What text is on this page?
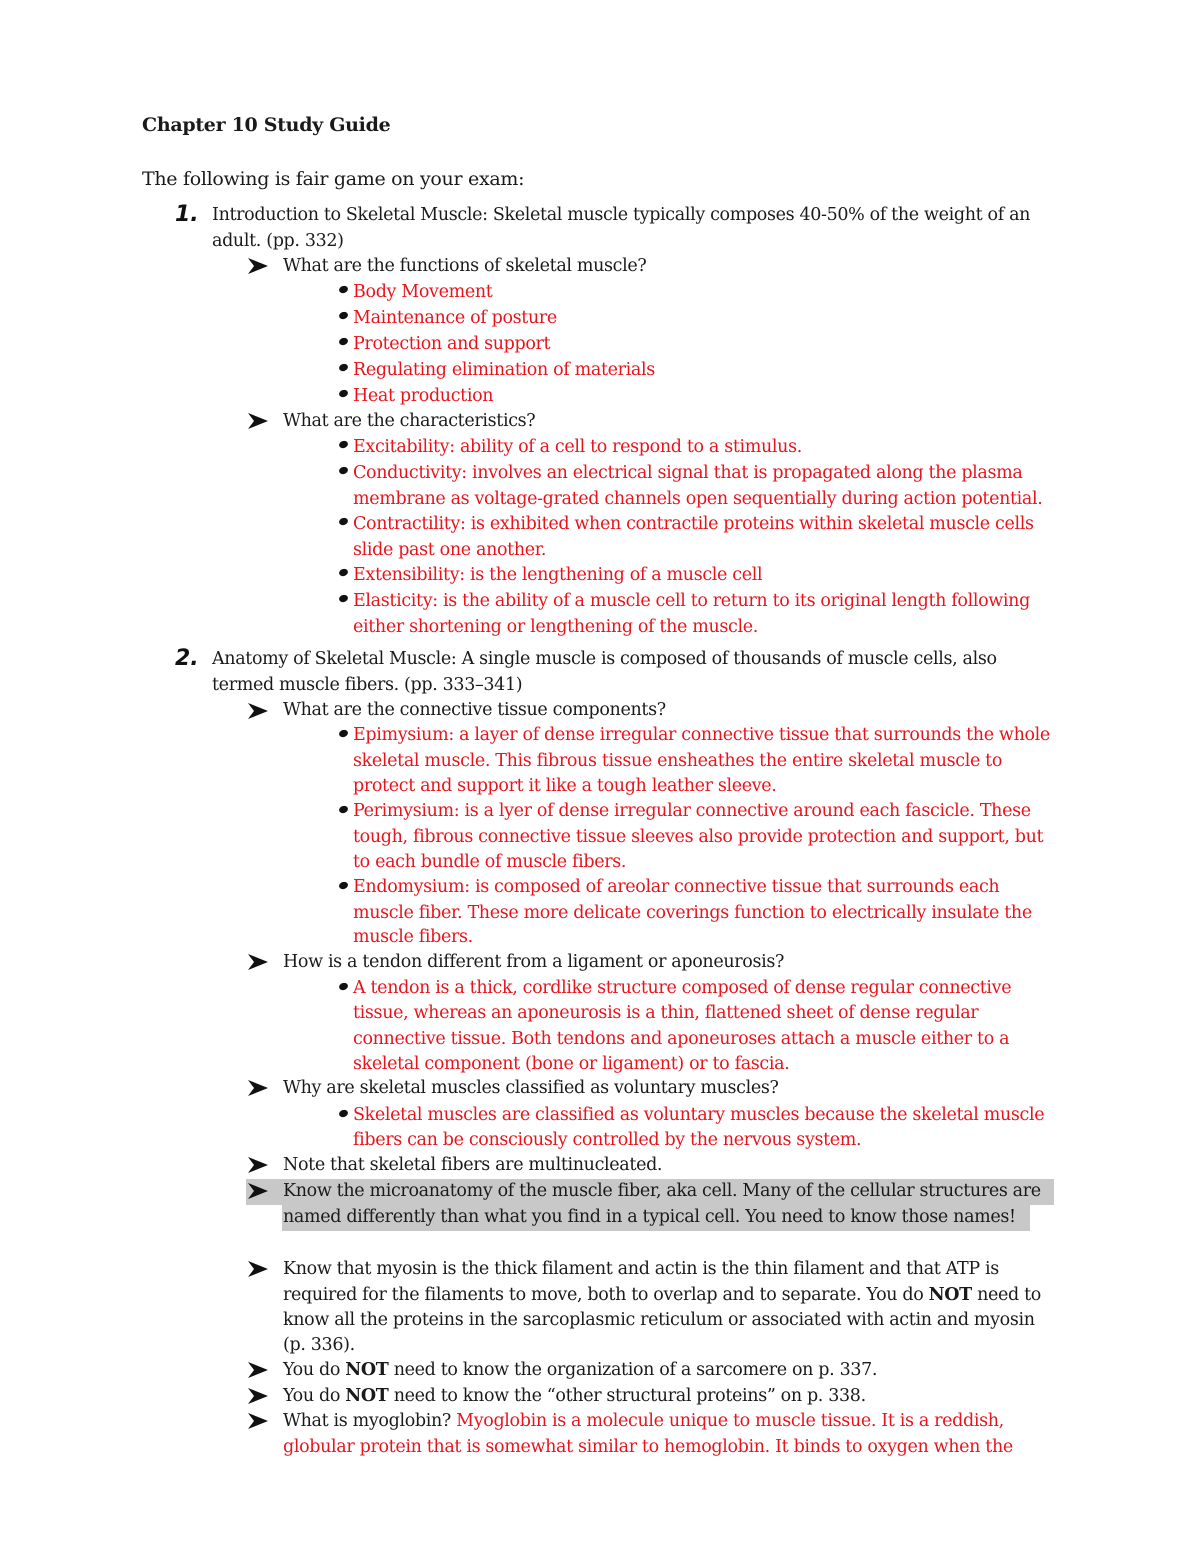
Chapter 10 Study Guide
The following is fair game on your exam:
1. Introduction to Skeletal Muscle: Skeletal muscle typically composes 40-50% of the weight of an
adult. (pp. 332)
What are the functions of skeletal muscle?
Body Movement
Maintenance of posture
Protection and support
Regulating elimination of materials
Heat production
What are the characteristics?
Excitability: ability of a cell to respond to a stimulus.
Conductivity: involves an electrical signal that is propagated along the plasma
membrane as voltage-grated channels open sequentially during action potential.
Contractility: is exhibited when contractile proteins within skeletal muscle cells
slide past one another.
Extensibility: is the lengthening of a muscle cell
Elasticity: is the ability of a muscle cell to return to its original length following
either shortening or lengthening of the muscle.
2. Anatomy of Skeletal Muscle: A single muscle is composed of thousands of muscle cells, also
termed muscle fibers. (pp. 333–341)
What are the connective tissue components?
Epimysium: a layer of dense irregular connective tissue that surrounds the whole
skeletal muscle. This fibrous tissue ensheathes the entire skeletal muscle to
protect and support it like a tough leather sleeve.
Perimysium: is a lyer of dense irregular connective around each fascicle. These
tough, fibrous connective tissue sleeves also provide protection and support, but
to each bundle of muscle fibers.
Endomysium: is composed of areolar connective tissue that surrounds each
muscle fiber. These more delicate coverings function to electrically insulate the
muscle fibers.
How is a tendon different from a ligament or aponeurosis?
A tendon is a thick, cordlike structure composed of dense regular connective
tissue, whereas an aponeurosis is a thin, flattened sheet of dense regular
connective tissue. Both tendons and aponeuroses attach a muscle either to a
skeletal component (bone or ligament) or to fascia.
Why are skeletal muscles classified as voluntary muscles?
Skeletal muscles are classified as voluntary muscles because the skeletal muscle
fibers can be consciously controlled by the nervous system.
Note that skeletal fibers are multinucleated.
Know the microanatomy of the muscle fiber, aka cell. Many of the cellular structures are
named differently than what you find in a typical cell. You need to know those names!
Know that myosin is the thick filament and actin is the thin filament and that ATP is
required for the filaments to move, both to overlap and to separate. You do NOT need to
know all the proteins in the sarcoplasmic reticulum or associated with actin and myosin
(p. 336).
You do NOT need to know the organization of a sarcomere on p. 337.
You do NOT need to know the “other structural proteins” on p. 338.
What is myoglobin? Myoglobin is a molecule unique to muscle tissue. It is a reddish,
globular protein that is somewhat similar to hemoglobin. It binds to oxygen when the
